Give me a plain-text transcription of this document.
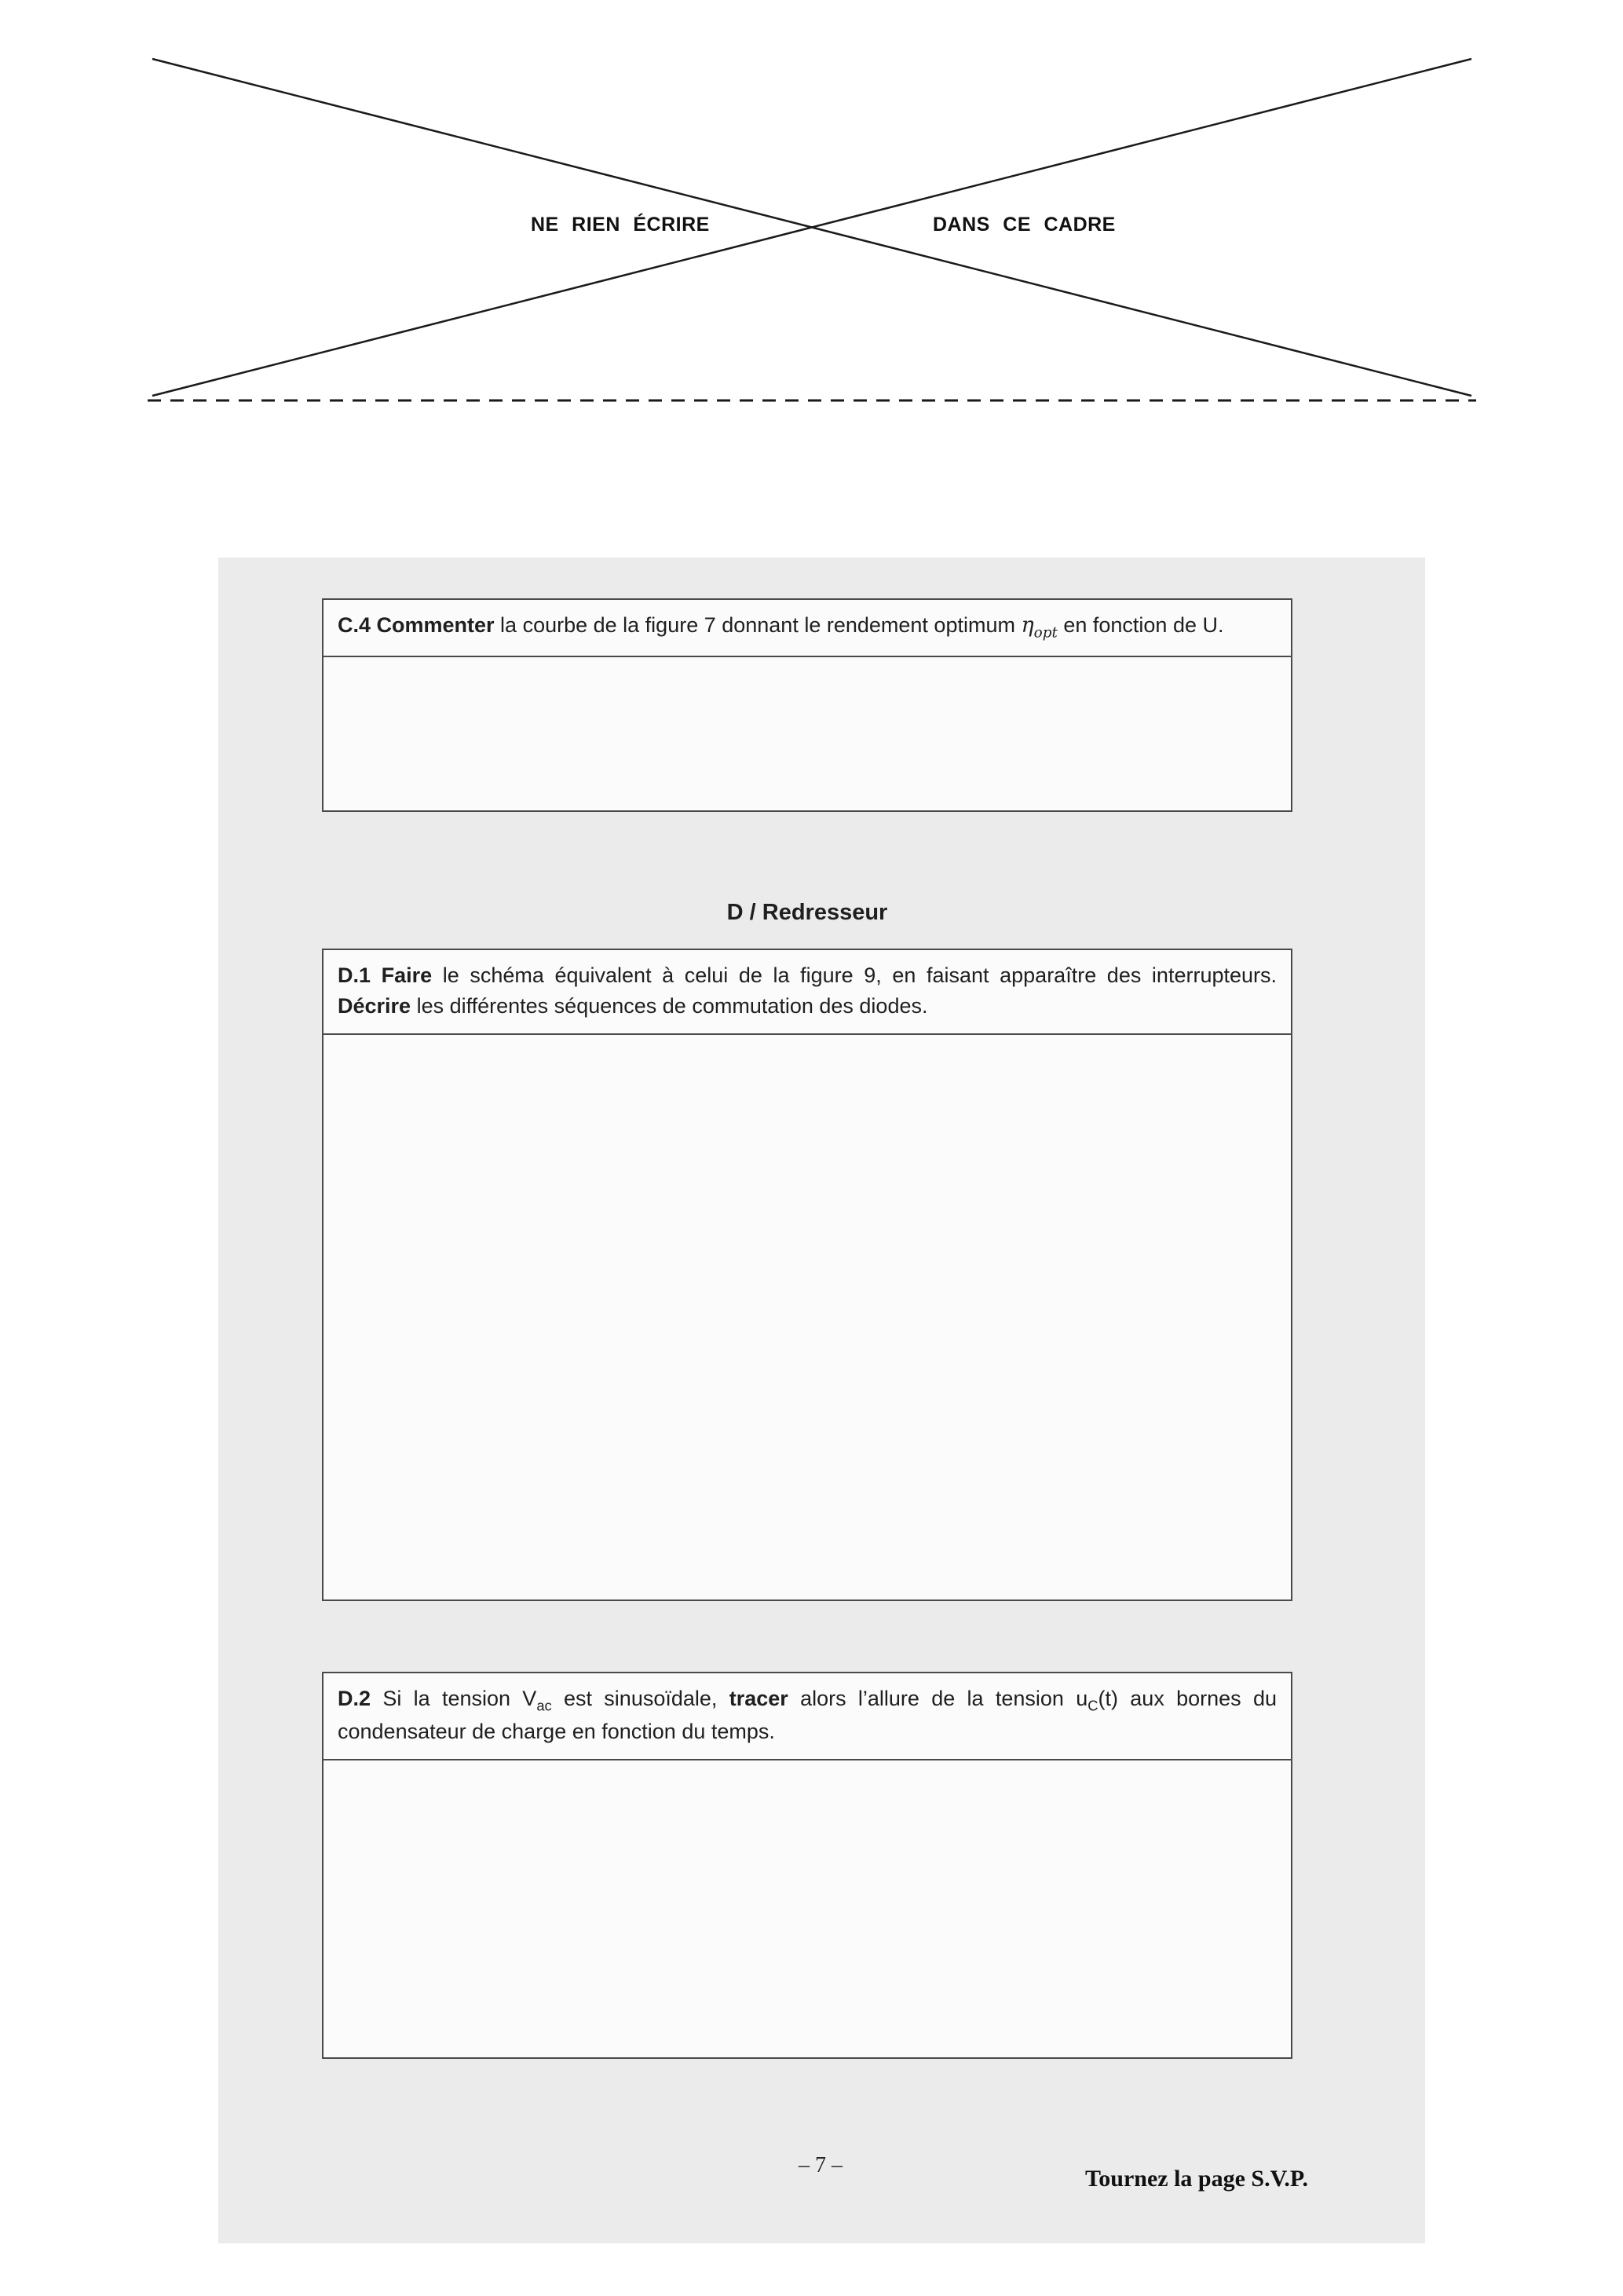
NE RIEN ÉCRIRE	DANS CE CADRE
C.4 Commenter la courbe de la figure 7 donnant le rendement optimum $\eta_{opt}$ en fonction de U.
D / Redresseur
D.1 Faire le schéma équivalent à celui de la figure 9, en faisant apparaître des interrupteurs. Décrire les différentes séquences de commutation des diodes.
D.2 Si la tension $V_{ac}$ est sinusoïdale, tracer alors l’allure de la tension $u_C(t)$ aux bornes du condensateur de charge en fonction du temps.
– 7 –
Tournez la page S.V.P.
